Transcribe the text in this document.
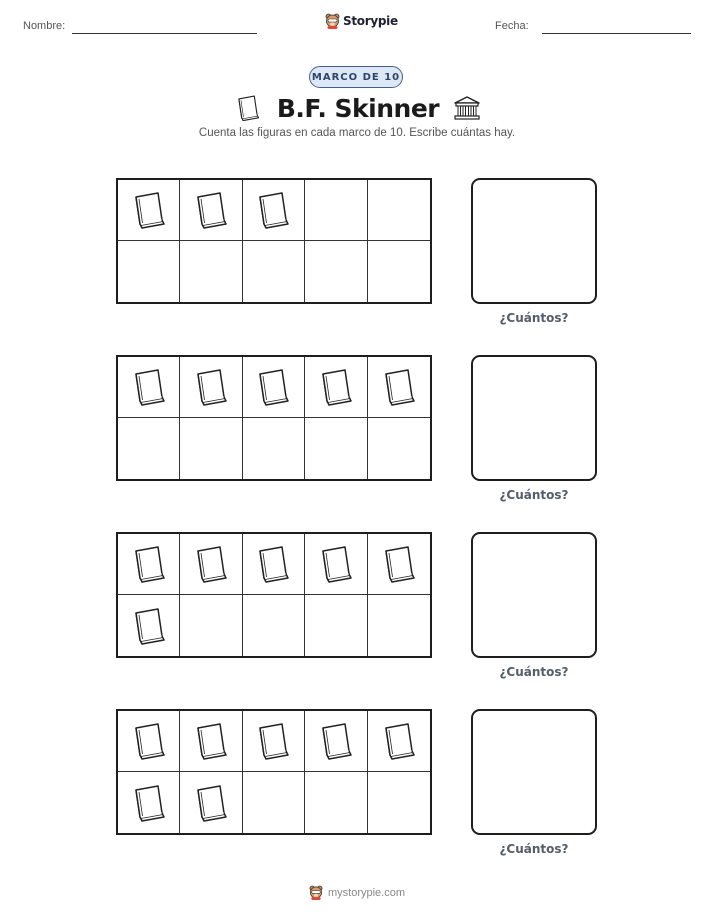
Nombre:	Storypie	Fecha:
MARCO DE 10
B.F. Skinner
Cuenta las figuras en cada marco de 10. Escribe cuántas hay.
¿Cuántos?
¿Cuántos?
¿Cuántos?
¿Cuántos?
mystorypie.com
